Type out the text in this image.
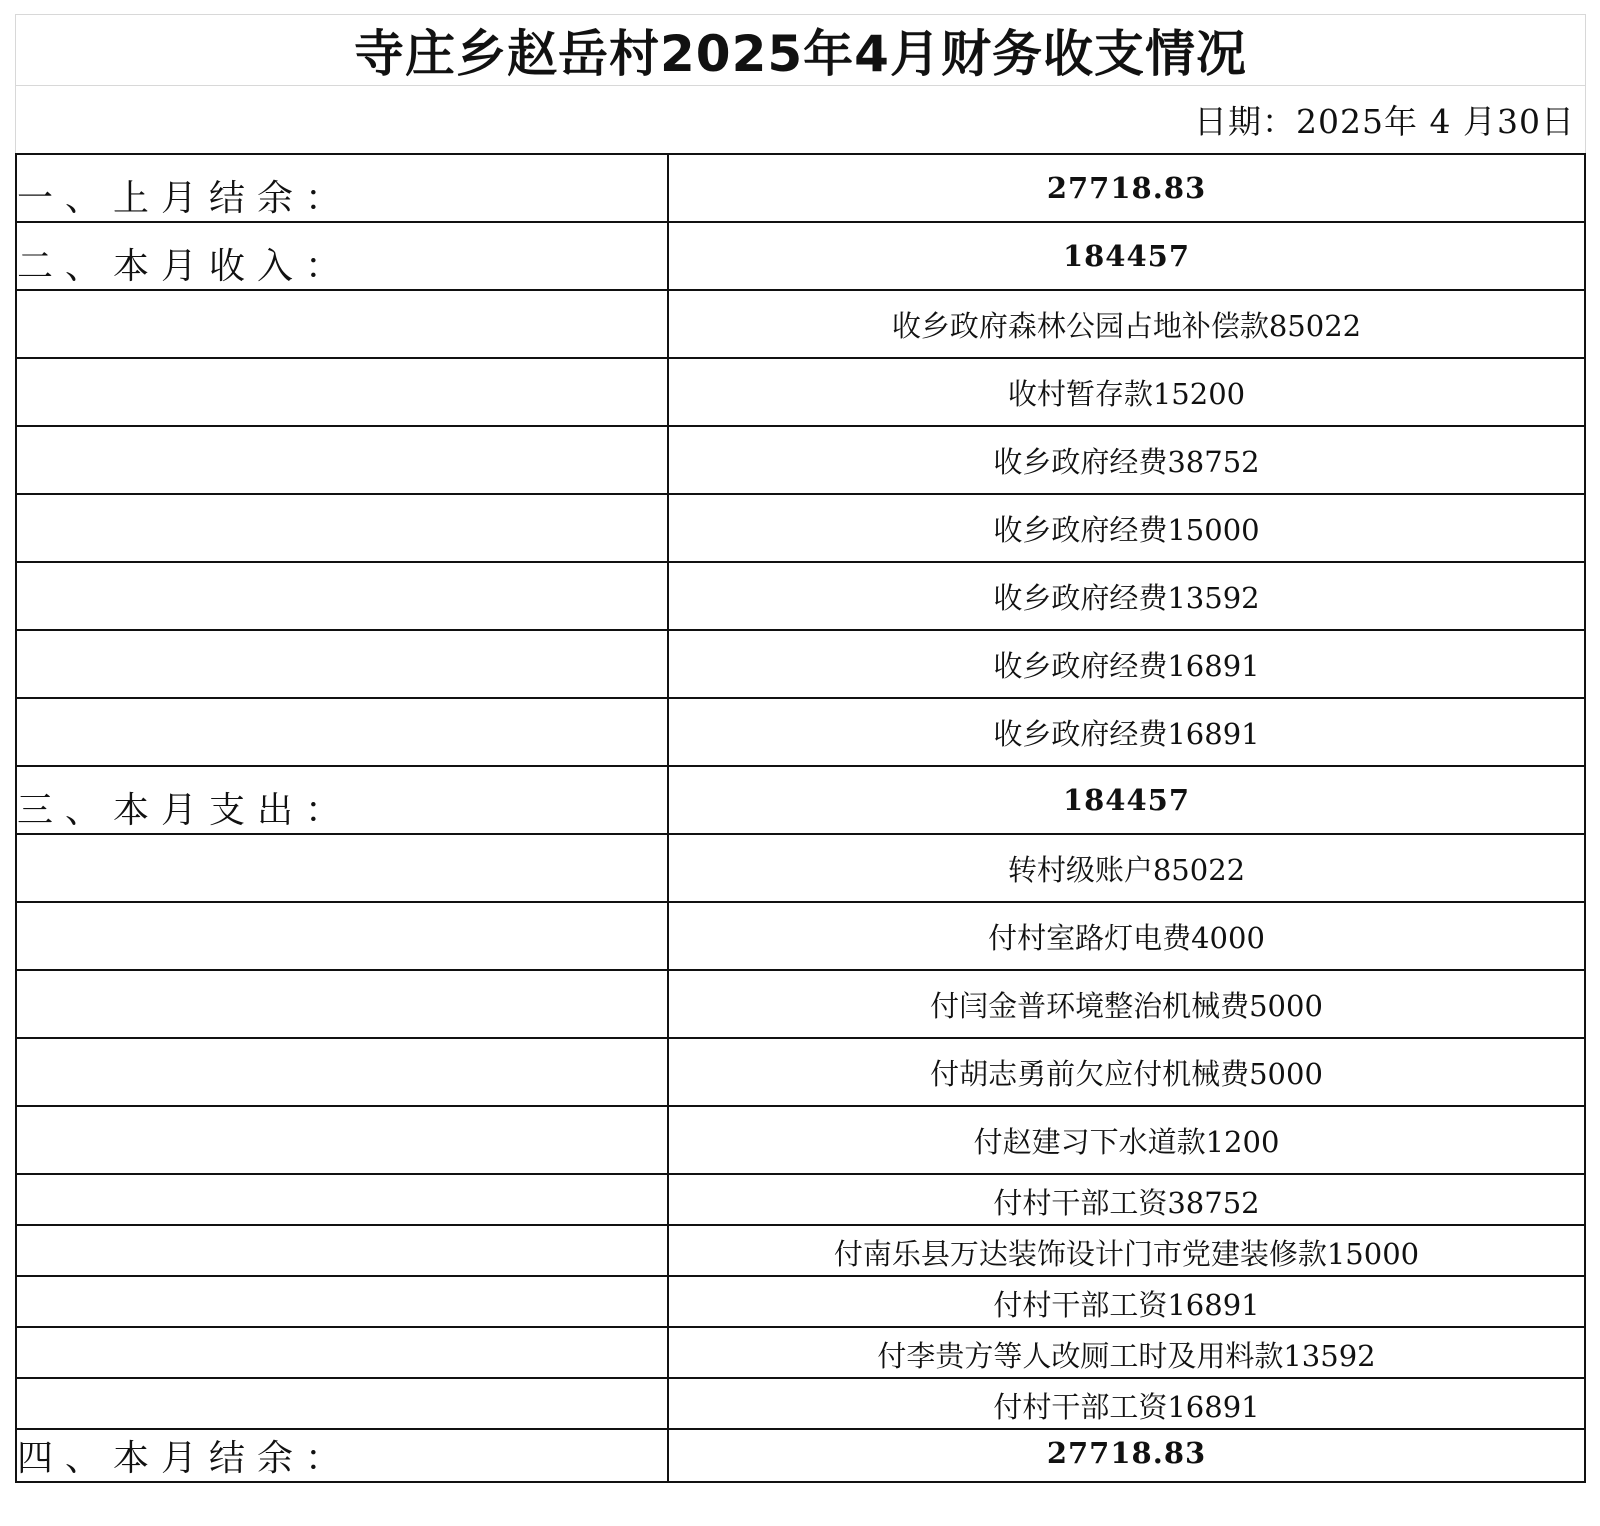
寺庄乡赵岳村2025年4月财务收支情况
日期：2025年 4 月30日
一、上月结余：	27718.83
二、本月收入：	184457
	收乡政府森林公园占地补偿款85022
	收村暂存款15200
	收乡政府经费38752
	收乡政府经费15000
	收乡政府经费13592
	收乡政府经费16891
	收乡政府经费16891
三、本月支出：	184457
	转村级账户85022
	付村室路灯电费4000
	付闫金普环境整治机械费5000
	付胡志勇前欠应付机械费5000
	付赵建习下水道款1200
	付村干部工资38752
	付南乐县万达装饰设计门市党建装修款15000
	付村干部工资16891
	付李贵方等人改厕工时及用料款13592
	付村干部工资16891
四、本月结余：	27718.83
